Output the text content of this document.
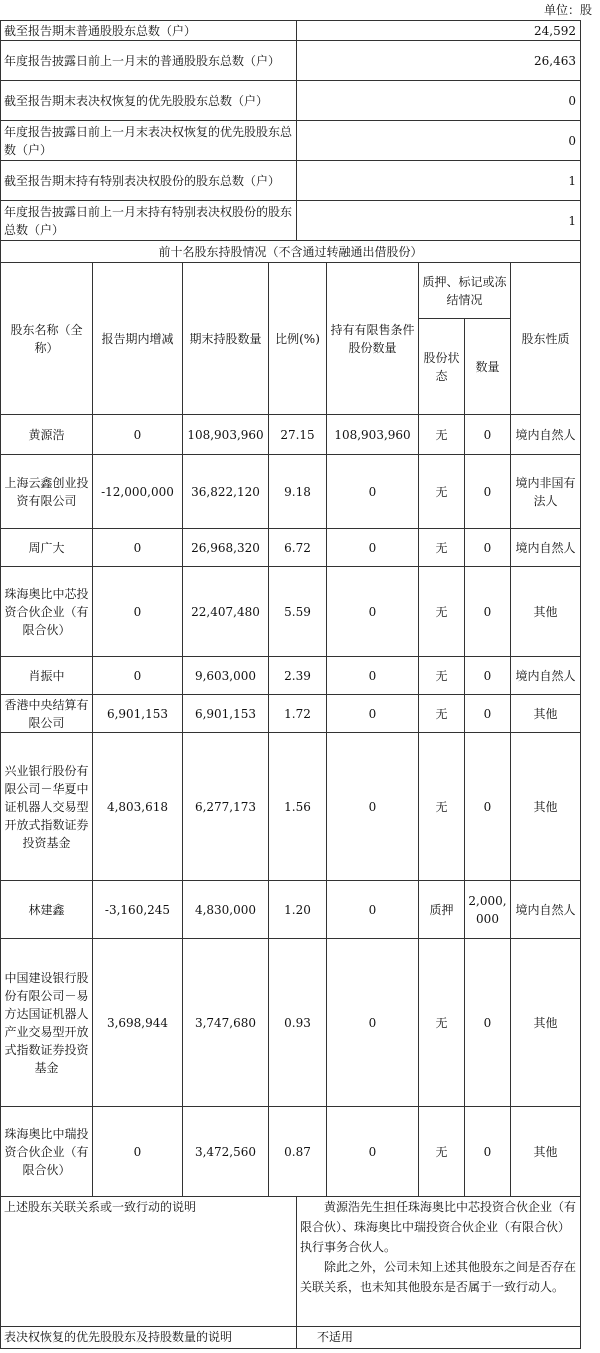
单位：股
截至报告期末普通股股东总数（户）	24,592
年度报告披露日前上一月末的普通股股东总数（户）	26,463
截至报告期末表决权恢复的优先股股东总数（户）	0
年度报告披露日前上一月末表决权恢复的优先股股东总数（户）	0
截至报告期末持有特别表决权股份的股东总数（户）	1
年度报告披露日前上一月末持有特别表决权股份的股东总数（户）	1
前十名股东持股情况（不含通过转融通出借股份）							
股东名称（全称）	报告期内增减	期末持股数量	比例(%)	持有有限售条件股份数量	质押、标记或冻结情况		股东性质
					股份状态	数量	
黄源浩	0	108,903,960	27.15	108,903,960	无	0	境内自然人
上海云鑫创业投资有限公司	-12,000,000	36,822,120	9.18	0	无	0	境内非国有法人
周广大	0	26,968,320	6.72	0	无	0	境内自然人
珠海奥比中芯投资合伙企业（有限合伙）	0	22,407,480	5.59	0	无	0	其他
肖振中	0	9,603,000	2.39	0	无	0	境内自然人
香港中央结算有限公司	6,901,153	6,901,153	1.72	0	无	0	其他
兴业银行股份有限公司－华夏中证机器人交易型开放式指数证券投资基金	4,803,618	6,277,173	1.56	0	无	0	其他
林建鑫	-3,160,245	4,830,000	1.20	0	质押	2,000,000	境内自然人
中国建设银行股份有限公司－易方达国证机器人产业交易型开放式指数证券投资基金	3,698,944	3,747,680	0.93	0	无	0	其他
珠海奥比中瑞投资合伙企业（有限合伙）	0	3,472,560	0.87	0	无	0	其他
上述股东关联关系或一致行动的说明	黄源浩先生担任珠海奥比中芯投资合伙企业（有限合伙）、珠海奥比中瑞投资合伙企业（有限合伙）执行事务合伙人。

除此之外，公司未知上述其他股东之间是否存在关联关系，也未知其他股东是否属于一致行动人。

表决权恢复的优先股股东及持股数量的说明	不适用
